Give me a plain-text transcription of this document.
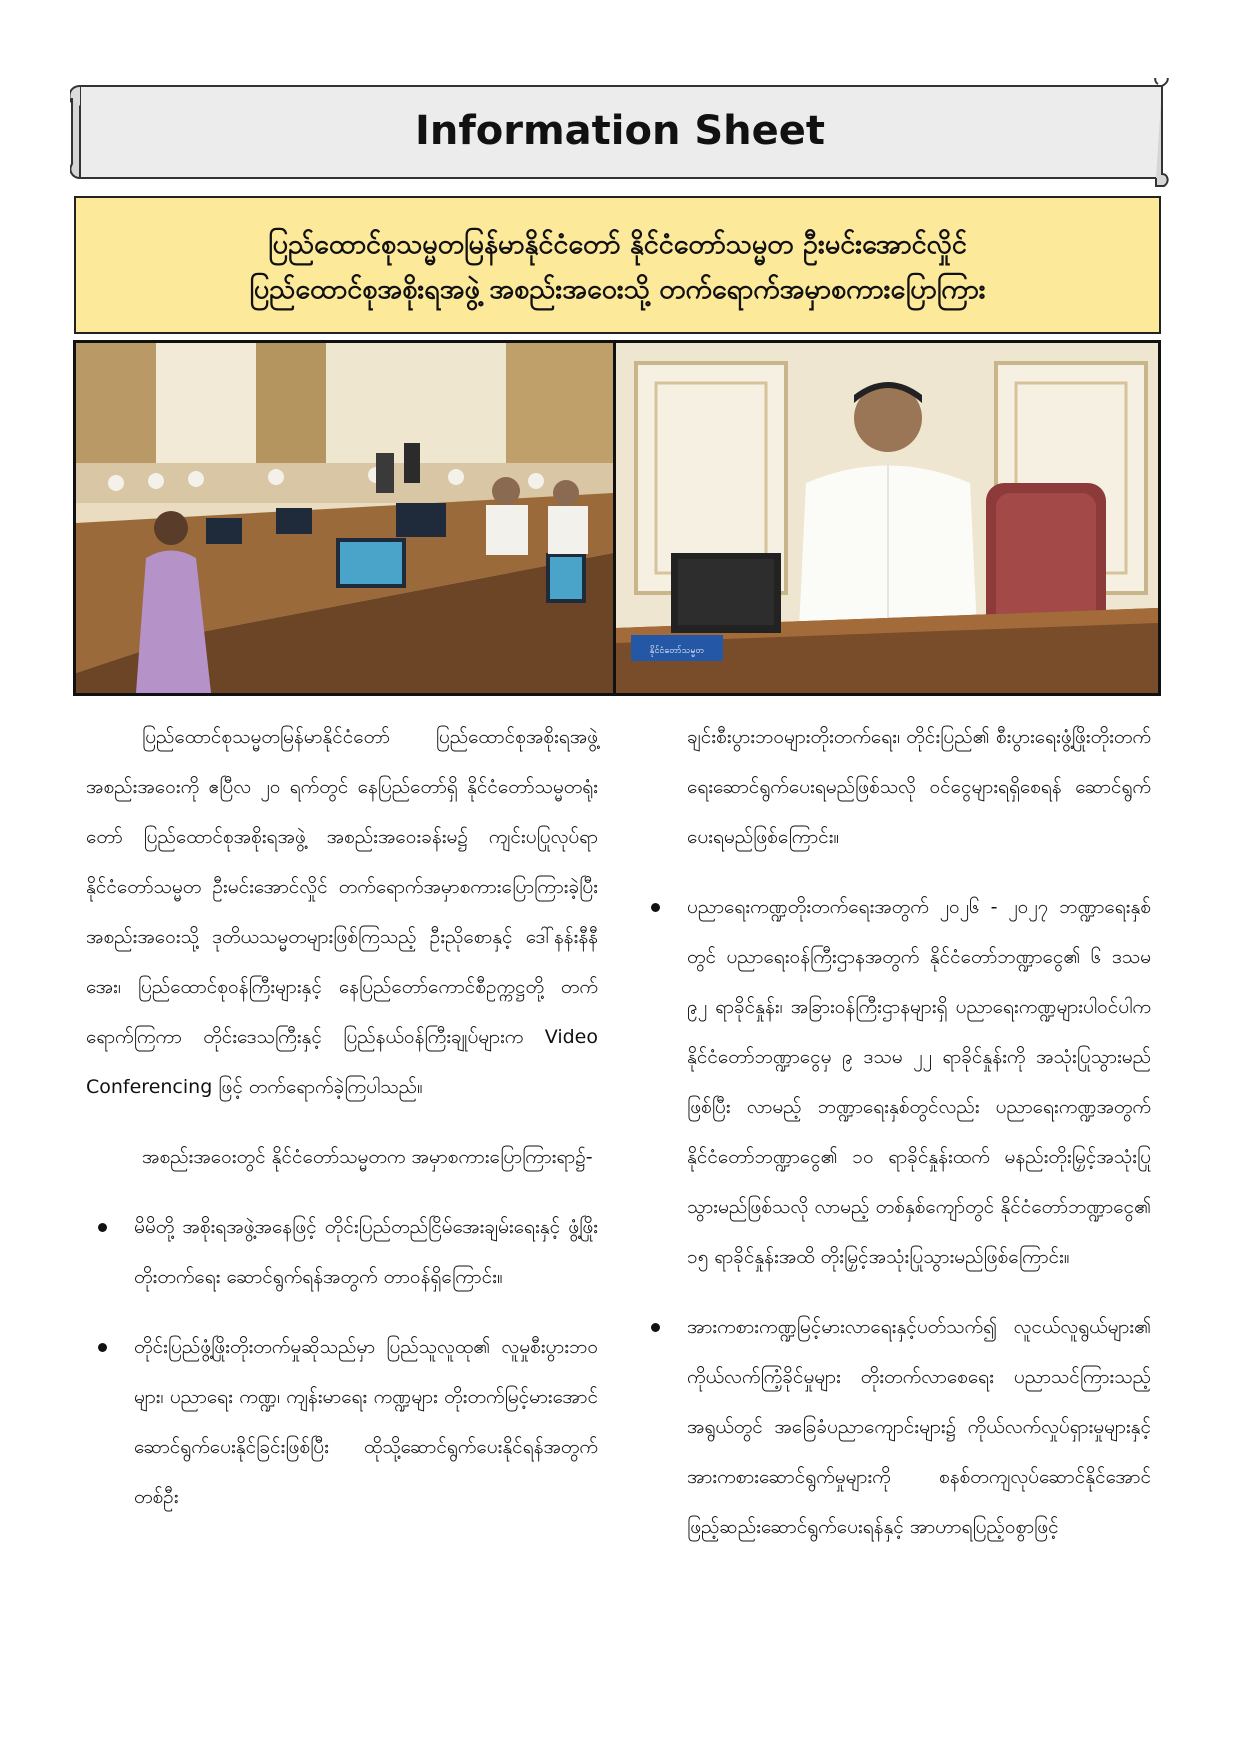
Information Sheet
ပြည်ထောင်စုသမ္မတမြန်မာနိုင်ငံတော် နိုင်ငံတော်သမ္မတ ဦးမင်းအောင်လှိုင်
ပြည်ထောင်စုအစိုးရအဖွဲ့ အစည်းအဝေးသို့ တက်ရောက်အမှာစကားပြောကြား
နိုင်ငံတော်သမ္မတ

ပြည်ထောင်စုသမ္မတမြန်မာနိုင်ငံတော် ပြည်ထောင်စုအစိုးရအဖွဲ့ အစည်းအဝေးကို ဧပြီလ ၂၀ ရက်တွင် နေပြည်တော်ရှိ နိုင်ငံတော်သမ္မတရုံးတော် ပြည်ထောင်စုအစိုးရအဖွဲ့ အစည်းအဝေးခန်းမ၌ ကျင်းပပြုလုပ်ရာ နိုင်ငံတော်သမ္မတ ဦးမင်းအောင်လှိုင် တက်ရောက်အမှာစကားပြောကြားခဲ့ပြီး အစည်းအဝေးသို့ ဒုတိယသမ္မတများဖြစ်ကြသည့် ဦးညိုစောနှင့် ဒေါ်နန်းနီနီအေး၊ ပြည်ထောင်စုဝန်ကြီးများနှင့် နေပြည်တော်ကောင်စီဥက္ကဋ္ဌတို့ တက်ရောက်ကြကာ တိုင်းဒေသကြီးနှင့် ပြည်နယ်ဝန်ကြီးချုပ်များက Video Conferencing ဖြင့် တက်ရောက်ခဲ့ကြပါသည်။

အစည်းအဝေးတွင် နိုင်ငံတော်သမ္မတက အမှာစကားပြောကြားရာ၌-

မိမိတို့ အစိုးရအဖွဲ့အနေဖြင့် တိုင်းပြည်တည်ငြိမ်အေးချမ်းရေးနှင့် ဖွံ့ဖြိုးတိုးတက်ရေး ဆောင်ရွက်ရန်အတွက် တာဝန်ရှိကြောင်း။

တိုင်းပြည်ဖွံ့ဖြိုးတိုးတက်မှုဆိုသည်မှာ ပြည်သူလူထု၏ လူမှုစီးပွားဘဝများ၊ ပညာရေး ကဏ္ဍ၊ ကျန်းမာရေး ကဏ္ဍများ တိုးတက်မြင့်မားအောင် ဆောင်ရွက်ပေးနိုင်ခြင်းဖြစ်ပြီး ထိုသို့ဆောင်ရွက်ပေးနိုင်ရန်အတွက် တစ်ဦး

ချင်းစီးပွားဘဝများတိုးတက်ရေး၊ တိုင်းပြည်၏ စီးပွားရေးဖွံ့ဖြိုးတိုးတက်ရေးဆောင်ရွက်ပေးရမည်ဖြစ်သလို ဝင်ငွေများရရှိစေရန် ဆောင်ရွက်ပေးရမည်ဖြစ်ကြောင်း။

ပညာရေးကဏ္ဍတိုးတက်ရေးအတွက် ၂၀၂၆ - ၂၀၂၇ ဘဏ္ဍာရေးနှစ်တွင် ပညာရေးဝန်ကြီးဌာနအတွက် နိုင်ငံတော်ဘဏ္ဍာငွေ၏ ၆ ဒသမ ၉၂ ရာခိုင်နှုန်း၊ အခြားဝန်ကြီးဌာနများရှိ ပညာရေးကဏ္ဍများပါဝင်ပါက နိုင်ငံတော်ဘဏ္ဍာငွေမှ ၉ ဒသမ ၂၂ ရာခိုင်နှုန်းကို အသုံးပြုသွားမည်ဖြစ်ပြီး လာမည့် ဘဏ္ဍာရေးနှစ်တွင်လည်း ပညာရေးကဏ္ဍအတွက် နိုင်ငံတော်ဘဏ္ဍာငွေ၏ ၁၀ ရာခိုင်နှုန်းထက် မနည်းတိုးမြှင့်အသုံးပြုသွားမည်ဖြစ်သလို လာမည့် တစ်နှစ်ကျော်တွင် နိုင်ငံတော်ဘဏ္ဍာငွေ၏ ၁၅ ရာခိုင်နှုန်းအထိ တိုးမြှင့်အသုံးပြုသွားမည်ဖြစ်ကြောင်း။

အားကစားကဏ္ဍမြင့်မားလာရေးနှင့်ပတ်သက်၍ လူငယ်လူရွယ်များ၏ ကိုယ်လက်ကြံ့ခိုင်မှုများ တိုးတက်လာစေရေး ပညာသင်ကြားသည့်အရွယ်တွင် အခြေခံပညာကျောင်းများ၌ ကိုယ်လက်လှုပ်ရှားမှုများနှင့် အားကစားဆောင်ရွက်မှုများကို စနစ်တကျလုပ်ဆောင်နိုင်အောင် ဖြည့်ဆည်းဆောင်ရွက်ပေးရန်နှင့် အာဟာရပြည့်ဝစွာဖြင့်
